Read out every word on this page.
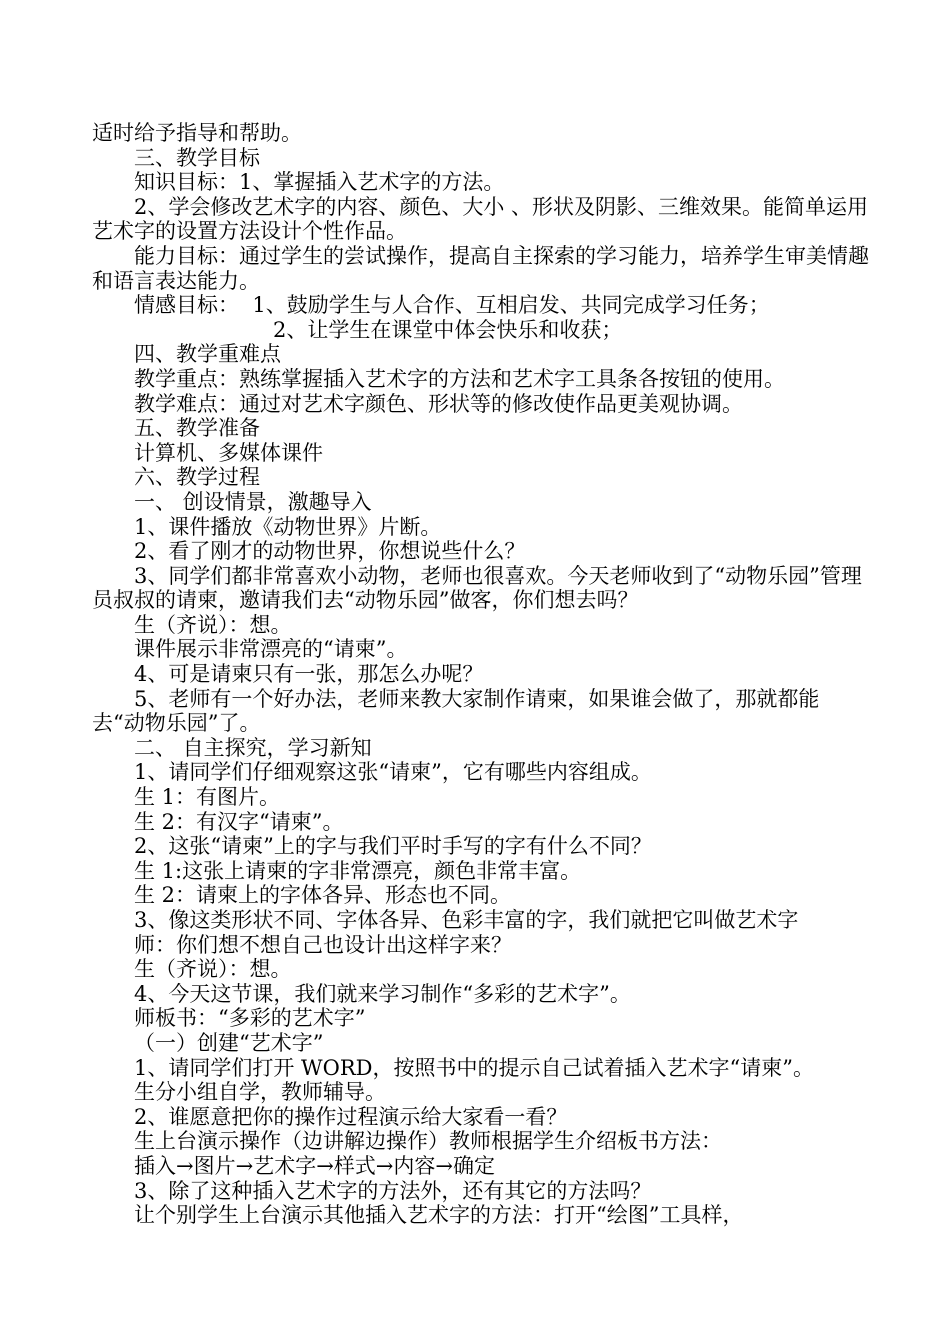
适时给予指导和帮助。

三、教学目标

知识目标：1、掌握插入艺术字的方法。

2、学会修改艺术字的内容、颜色、大小 、形状及阴影、三维效果。能简单运用艺术字的设置方法设计个性作品。

能力目标：通过学生的尝试操作，提高自主探索的学习能力，培养学生审美情趣和语言表达能力。

情感目标：  1、鼓励学生与人合作、互相启发、共同完成学习任务；

2、让学生在课堂中体会快乐和收获；

四、教学重难点

教学重点：熟练掌握插入艺术字的方法和艺术字工具条各按钮的使用。

教学难点：通过对艺术字颜色、形状等的修改使作品更美观协调。

五、教学准备

计算机、多媒体课件

六、教学过程

一、 创设情景，激趣导入

1、课件播放《动物世界》片断。

2、看了刚才的动物世界，你想说些什么？

3、同学们都非常喜欢小动物，老师也很喜欢。今天老师收到了“动物乐园”管理员叔叔的请柬，邀请我们去“动物乐园”做客，你们想去吗？

生（齐说）：想。

课件展示非常漂亮的“请柬”。

4、可是请柬只有一张，那怎么办呢？

5、老师有一个好办法，老师来教大家制作请柬，如果谁会做了，那就都能去“动物乐园”了。

二、 自主探究，学习新知

1、请同学们仔细观察这张“请柬”，它有哪些内容组成。

生 1：有图片。

生 2：有汉字“请柬”。

2、这张“请柬”上的字与我们平时手写的字有什么不同？

生 1:这张上请柬的字非常漂亮，颜色非常丰富。

生 2：请柬上的字体各异、形态也不同。

3、像这类形状不同、字体各异、色彩丰富的字，我们就把它叫做艺术字

师：你们想不想自己也设计出这样字来？

生（齐说）：想。

4、今天这节课，我们就来学习制作“多彩的艺术字”。

师板书：“多彩的艺术字”

（一）创建“艺术字”

1、请同学们打开 WORD，按照书中的提示自己试着插入艺术字“请柬”。

生分小组自学，教师辅导。

2、谁愿意把你的操作过程演示给大家看一看？

生上台演示操作（边讲解边操作）教师根据学生介绍板书方法：

插入→图片→艺术字→样式→内容→确定

3、除了这种插入艺术字的方法外，还有其它的方法吗？

让个别学生上台演示其他插入艺术字的方法：打开“绘图”工具样，
